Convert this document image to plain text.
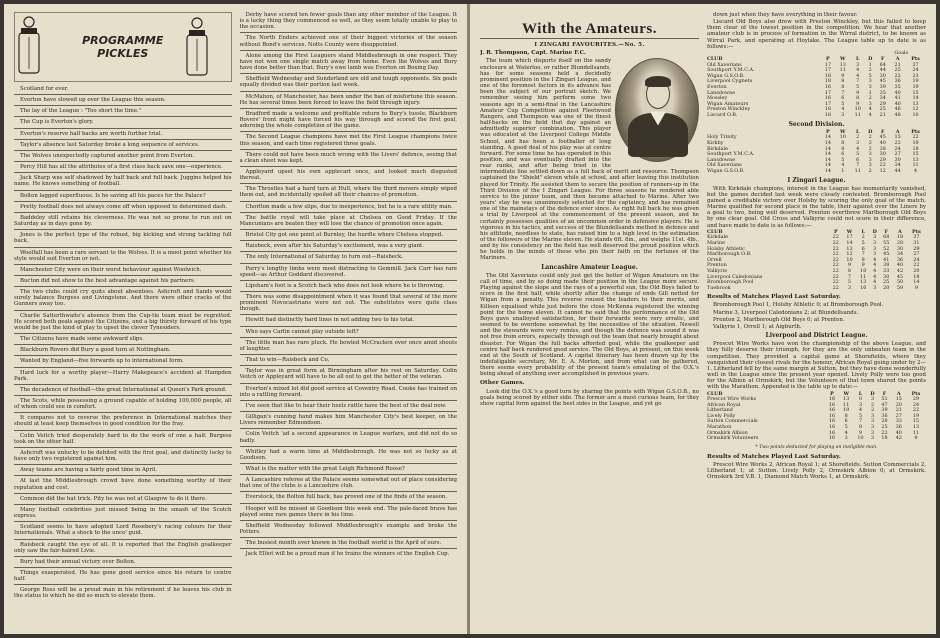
PROGRAMME
PICKLES

Scotland for ever.

Everton have slowed up over the League this season.

The lay of the League : "Too short the time."

The Cup is Everton's glory.

Everton's reserve half backs are worth further trial.

Taylor's absence last Saturday broke a long sequence of services.

The Wolves unexpectedly captured another point from Everton.

Percy Hill has all the attributes of a first class back save one—experience.

Jack Sharp was self shadowed by half back and full back. Juggins helped his name. He knows something of football.

Bolton lagged superfluous. Is he saving all his paces for the Palace?

Pretty football does not always come off when opposed to determined dash.

Baddeley still retains his cleverness. He was not so prone to run out on Saturday as in days gone by.

Jones is the perfect type of the robust, big kicking and strong tackling full back.

Woolfall has been a rare servant to the Wolves. It is a moot point whether his style would suit Everton or not.

Manchester City were on their worst behaviour against Woolwich.

Bucton did not show to the best advantage against his partners.

The two clubs could cry quits about absentees. Ashcroft and Sands would surely balance Burgess and Livingstone. And there were other cracks of the Gunners away too.

Charlie Satterthwaite's absence from the Cup-tie team must be regretted. He scored both goals against the Citizens, and a big thirsty forward of his type would be just the kind of play to upset the clever Tynesiders.

The Citizens have made some awkward slips.

Blackburn Rovers did Bury a good turn at Nottingham.

Wanted by England—five forwards up to international form.

Hard luck for a worthy player—Harry Makepeace's accident at Hampden Park.

The decadence of football—the great International at Queen's Park ground.

The Scots, while possessing a ground capable of holding 100,000 people, all of whom could see in comfort.

It compares not to reverse the preference in International matches they should at least keep themselves in good condition for the fray.

Colin Veitch tried desperately hard to do the work of one a half. Burgess took on the other half.

Ashcroft was unlucky to be debited with the first goal, and distinctly lucky to have only two registered against him.

Away teams are having a fairly good time in April.

At last the Middlesbrough crowd have done something worthy of their reputation and cost.

Common did the hat trick. Pity he was not at Glasgow to do it there.

Many football celebrities just missed being in the smash of the Scotch express.

Scotland seems to have adopted Lord Rosebery's racing colours for their Internationals. What a shock to the unco' guid.

Raisbeck caught the eye of all. It is reported that the English goalkeeper only saw the fair-haired Livie.

Bury had their annual victory over Bolton.

Things exasperated. He has gone good service since his return to centre half.

George Ross will be a proud man in his retirement if he leaves his club in the status to which he did so much to elevate them.

Derby have scored ten fewer goals than any other member of the League. It is a lucky thing they commenced so well, as they seem totally unable to play to the occasion.

The North Enders achieved one of their biggest victories of the season without Bond's services. Notts County were disappointed.

Alone among the First Leaguers stand Middlesbrough in one respect. They have not won one single match away from home. Even the Wolves and Bury have done better than that. Bury's ewe lamb was Everton on Boxing Day.

Sheffield Wednesday and Sunderland are old and tough opponents. Six goals equally divided was their portion last week.

McMahon, of Manchester, has been under the ban of misfortune this season. He has several times been forced to leave the field through injury.

Bradford made a welcome and profitable return to Bury's tussle. Blackburn Rovers' front might have forced his way through and scored the first goal, adorning the whole completion of the game.

The Second League champions have met the First League champions twice this season, and each time registered three goals.

There could not have been much wrong with the Livers' defence, seeing that a clean sheet was kept.

Appleyard upset his own applecart once, and looked much disgusted thereat.

The Throstles had a hard turn at Hull, where the third movers simply wiped them out, and incidentally spoiled all their chances of promotion.

Chorlton made a few slips, due to inexperience, but he is a rare utility man.

The battle royal will take place at Chelsea on Good Friday. If the Mancunians are beaten they will lose the chance of promotion once again.

Bristol City got one point at Burnley, the hurdle where Chelsea stopped.

Raisbeck, even after his Saturday's excitement, was a very giant.

The only International of Saturday to turn out—Raisbeck.

Parry's lengthy limbs were most distracting to Gemmill. Jack Carr has rare speed—as Arthur Goddard discovered.

Lipsham's foot is a Scotch back who does not look where he is throwing.

There was some disappointment when it was found that several of the more prominent Novocastrians were not out. The substitutes were quite class though.

Hewitt had distinctly hard lines in not adding two to his total.

Who says Carlin cannot play outside left?

The little man has rare pluck. He bowled McCracken over once amid shouts of laughter.

That to win—Raisbeck and Co.

Taylor was in great form at Birmingham after his rest on Saturday. Colin Veitch or Appleyard will have to be all out to get the better of the veteran.

Everton's mixed lot did good service at Coventry Road. Cooke has trained on into a rattling forward.

I've seen that like to hear their heels rattle have the best of the deal now.

Gilligan's cunning hand makes him Manchester City's best keeper, on the Livers remember Edmondson.

Colin Veitch 'ad a second appearance in League warfare, and did not do so badly.

Whitley had a warm time at Middlesbrough. He was not so lucky as at Goodison.

What is the matter with the great Leigh Richmond Roose?

A Lancashire referee at the Palace seems somewhat out of place considering that one of the clubs is a Lancashire club.

Everstock, the Bolton full back, has proved one of the finds of the season.

Hooper will be missed at Goodison this week end. The pale-faced brave has played some rare games there in his time.

Sheffield Wednesday followed Middlesbrough's example and broke the Potters.

The busiest month ever known in the football world is the April of ours.

Jack Elliot will be a proud man if he trains the winners of the English Cup.

With the Amateurs.
I ZINGARI FAVOURITES.—No. 5.
J. R. Thompson, Capt. Marine F.C.

The team which disports itself on the sandy enclosure at Waterloo, or rather Blundellsands, has for some seasons held a decidedly prominent position in the I Zingari League, and one of the foremost factors in its advance has been the subject of our portrait sketch. We remember seeing him perform some two seasons ago in a semi-final in the Lancashire Amateur Cup Competition against Fleetwood Rangers, and Thompson was one of the finest half-backs on the field that day against an admittedly superior combination. This player was educated at the Liverpool College Middle School, and has been a footballer of long standing. A good deal of his play was at centre forward. For some time he has operated in this position, and was eventually drafted into the rear ranks, and after being tried in the intermediate line settled down as a full back of merit and resource. Thompson captained the "Shield" eleven while at school, and after leaving this institution played for Trinity. He assisted them to secure the position of runners-up in the Third Division of the I Zingari League. For three seasons he rendered able service to the junior team, and then became attached to Marine. After two years' stay he was unanimously selected for the captaincy, and has remained one of the mainstays of the defence ever since. As right full back he was given a trial by Liverpool at the commencement of the present season, and he certainly possesses qualities of an uncommon order in defensive players. He is vigorous in his tactics, and success of the Blundellsands method in defence and his attitude, needless to state, has raised him to a high level in the estimation of the followers of the Marine eleven. He stands 6ft. 8in., and weighs 11st. 4lb., and by his consistency on the field has well deserved the proud position which he holds in the minds of those who pin their faith on the fortunes of the Mariners.

Lancashire Amateur League.

The Old Xaverians could only just get the better of Wigan Amateurs on the call of time, and by so doing made their position in the League more secure. Playing against the slope and the rays of a powerful sun, the Old Boys failed to score in the first half, while shortly after the change of ends Gill netted for Wigan from a penalty. This reverse roused the leaders to their merits, and Killeen equalised while just before the close McKenna registered the winning point for the home eleven. It cannot be said that the performance of the Old Boys gave unalloyed satisfaction, for their forwards were very erratic, and seemed to be overdone somewhat by the necessities of the situation. Newell and the stewards were very remiss, and though the defence was sound it was not free from errors, especially through out the team that nearly brought about disaster. For Wigan the full backs afforded goal, while the goalkeeper and centre half back rendered good service. The Old Boys, at present, on this week end at the South of Scotland. A capital itinerary has been drawn up by the indefatigable secretary, Mr. E. A. Morton, and from what can be gathered, there seems every probability of the present team's emulating of the O.X.'s being ahead of anything ever accomplished in previous years.

Other Games.

Look did the O.X.'s a good turn by sharing the points with Wigan G.S.O.B., no goals being scored by either side. The former are a most curious team, for they show capital form against the best sides in the League, and yet go

down just when they have everything in their favour.

Liscard Old Boys also drew with Preston Winckley, but this failed to keep them clear of the lowest position in the competition. We hear that another amateur club is in process of formation in the Wirral district, to be known as Wirral Park, and operating at Hoylake. The League table up to date is as follows:—

Goals
CLUB	P	W	L	D	F	A	Pts
Old Xaverians	17	13	3	1	64	21	27
Southport Y.M.C.A.	17	11	4	2	44	25	24
Wigan G.S.O.B.	18	9	4	5	30	22	23
Liverpool Cygnets	18	8	7	3	45	36	19
Everton	16	8	5	3	39	35	19
Lansdowne	17	7	9	1	35	40	15
Mossley	16	6	8	2	34	41	14
Wigan Amateurs	17	5	9	3	29	40	13
Preston Winckley	18	4	10	4	25	46	12
Liscard O.B.	18	3	11	4	21	48	10
Second Division.
	P	W	L	D	F	A	Pts
Holy Trinity	14	10	2	2	45	15	22
Kirkby	14	8	3	3	40	22	19
Birkdale	14	8	4	2	38	24	18
Southport Y.M.C.A.	14	6	5	3	30	27	15
Lansdowne	14	5	6	3	29	30	13
Old Xaverians	14	4	7	3	22	34	11
Wigan G.S.O.B.	14	1	11	2	12	44	4
I Zingari League.

With Kirkdale champions, interest in the League has momentarily vanished, but the games decided last week were closely contested. Bromborough Pool gained a creditable victory over Holsby by scoring the only goal of the match. Marine qualified for second place in the table, their against over the Liners by a goal to two, being well deserved. Prenton overthrew Marlborough Old Boys by one clear goal. Old Cross and Valkyrie could not score in their difference, and have made to date is as follows:—

CLUB	P	W	L	D	F	A	Pts
Kirkdale	22	17	2	3	68	18	37
Marine	22	14	5	3	55	28	31
Holsby Athletic	22	13	6	3	52	30	29
Marlborough O.B.	22	12	7	3	45	34	27
Orrell	22	10	8	4	41	36	24
Prenton	22	9	9	4	38	40	22
Valkyrie	22	8	10	4	33	42	20
Liverpool Caledonians	22	7	11	4	30	45	18
Bromborough Pool	22	5	13	4	25	50	14
Tuebrook	22	3	16	3	20	59	9
Results of Matches Played Last Saturday.

Bromborough Pool 1, Holsby Athletic 0; at Bromborough Pool.

Marine 3, Liverpool Caledonians 2; at Blundellsands.

Prenton 2, Marlborough Old Boys 0; at Prenton.

Valkyrie 1, Orrell 1; at Aigburth.

Liverpool and District League.

Prescot Wire Works have won the championship of the above League, and they fully deserve their triumph, for they are the only unbeaten team in the competition. They provided a capital game at Shorefields, where they vanquished their closest rivals for the honour, African Royal going under by 2—1. Litherland fell by the same margin at Sutton, but they have done wonderfully well in the League since the present year opened. Lively Polly were too good for the Albion at Ormskirk, but the Volunteers of that town shared the points with the Marathon. Appended is the table up to date:—

CLUB	P	W	L	D	F	A	Pts
Prescot Wire Works	16	13	0	3	51	15	29
African Royal	16	11	3	2	47	20	24
Litherland	16	10	4	2	39	21	22
Lively Polly	16	8	5	3	36	27	19
Sutton Commercials	16	6	7	3	28	33	15
Marathon	16	5	8	3	25	36	13
Ormskirk Albion	16	4	9	3	22	40	11
Ormskirk Volunteers	16	3	10	3	18	42	9
* Two points deducted for playing an ineligible man.
Results of Matches Played Last Saturday.

Prescot Wire Works 2, African Royal 1; at Shorefields. Sutton Commercials 2, Litherland 1; at Sutton. Lively Polly 2, Ormskirk Albion 0; at Ormskirk. Ormskirk 3rd V.B. 1, Diamond Match Works 1, at Ormskirk.
